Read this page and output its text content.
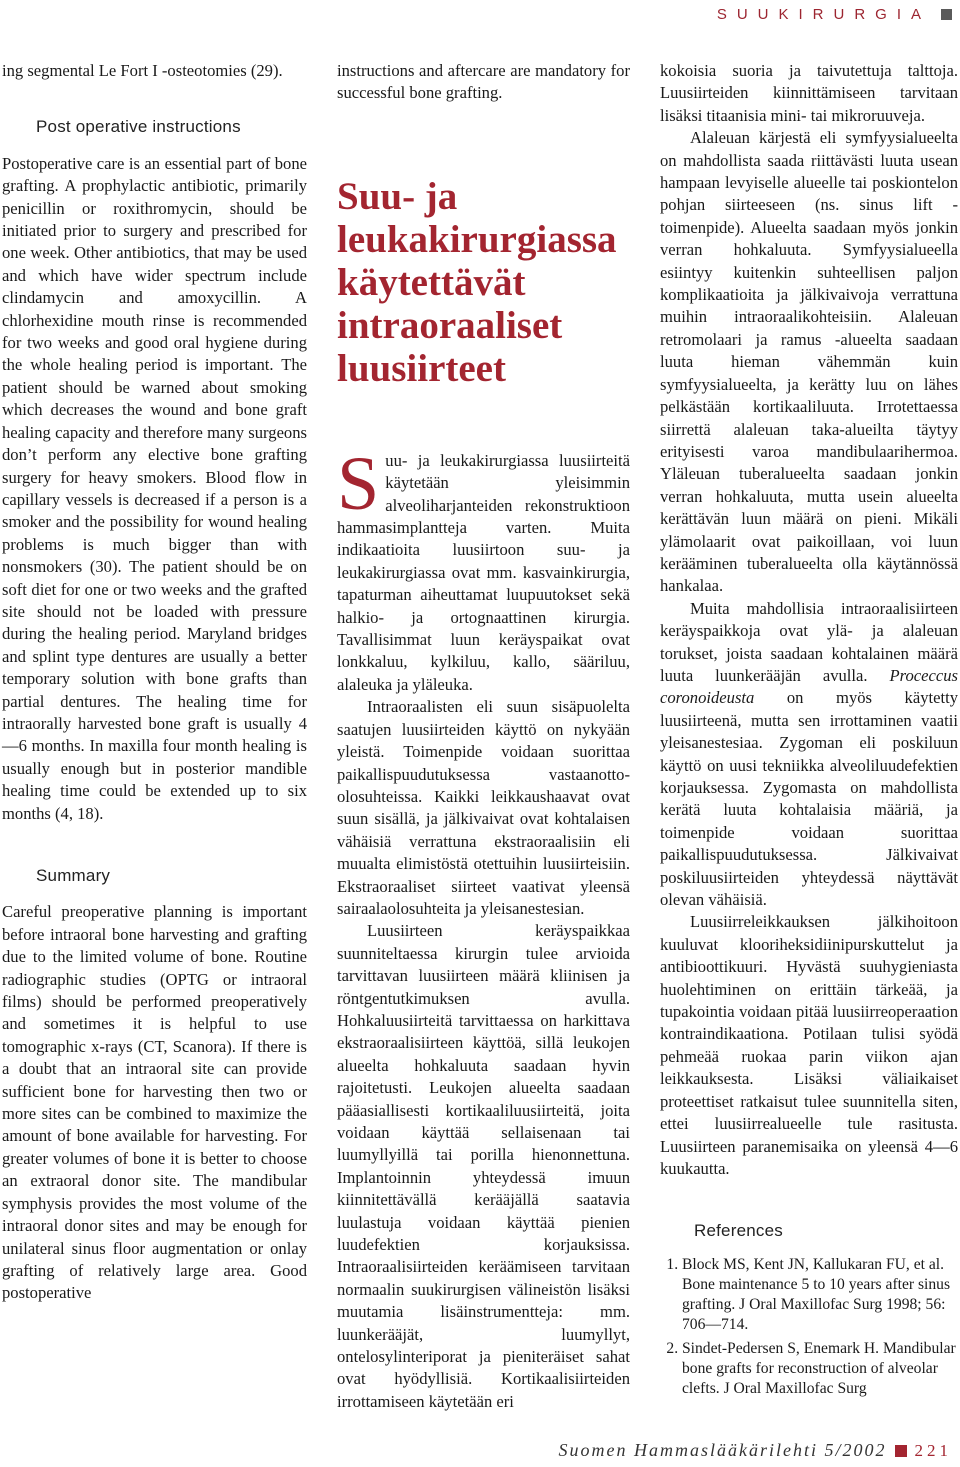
SUUKIRURGIA

ing segmental Le Fort I -osteotomies (29).

Post operative instructions

Postoperative care is an essential part of bone grafting. A prophylactic antibiotic, primarily penicillin or roxithromycin, should be initiated prior to surgery and prescribed for one week. Other antibiotics, that may be used and which have wider spectrum include clindamycin and amoxycillin. A chlorhexidine mouth rinse is recommended for two weeks and good oral hygiene during the whole healing period is important. The patient should be warned about smoking which decreases the wound and bone graft healing capacity and therefore many surgeons don’t perform any elective bone grafting surgery for heavy smokers. Blood flow in capillary vessels is decreased if a person is a smoker and the possibility for wound healing problems is much bigger than with nonsmokers (30). The patient should be on soft diet for one or two weeks and the grafted site should not be loaded with pressure during the healing period. Maryland bridges and splint type dentures are usually a better temporary solution with bone grafts than partial dentures. The healing time for intraorally harvested bone graft is usually 4—6 months. In maxilla four month healing is usually enough but in posterior mandible healing time could be extended up to six months (4, 18).

Summary

Careful preoperative planning is important before intraoral bone harvesting and grafting due to the limited volume of bone. Routine radiographic studies (OPTG or intraoral films) should be performed preoperatively and sometimes it is helpful to use tomographic x-rays (CT, Scanora). If there is a doubt that an intraoral site can provide sufficient bone for harvesting then two or more sites can be combined to maximize the amount of bone available for harvesting. For greater volumes of bone it is better to choose an extraoral donor site. The mandibular symphysis provides the most volume of the intraoral donor sites and may be enough for unilateral sinus floor augmentation or onlay grafting of relatively large area. Good postoperative

instructions and aftercare are mandatory for successful bone grafting.

Suu- ja
leukakirurgiassa
käytettävät
intraoraaliset
luusiirteet

Suu- ja leukakirurgiassa luusiirteitä käytetään yleisimmin alveoliharjanteiden rekonstruktioon hammasimplantteja varten. Muita indikaatioita luusiirtoon suu- ja leukakirurgiassa ovat mm. kasvainkirurgia, tapaturman aiheuttamat luupuutokset sekä halkio- ja ortognaattinen kirurgia. Tavallisimmat luun keräyspaikat ovat lonkkaluu, kylkiluu, kallo, sääriluu, alaleuka ja yläleuka.

Intraoraalisten eli suun sisäpuolelta saatujen luusiirteiden käyttö on nykyään yleistä. Toimenpide voidaan suorittaa paikallispuudutuksessa vastaanotto-olosuhteissa. Kaikki leikkaushaavat ovat suun sisällä, ja jälkivaivat ovat kohtalaisen vähäisiä verrattuna ekstraoraalisiin eli muualta elimistöstä otettuihin luusiirteisiin. Ekstraoraaliset siirteet vaativat yleensä sairaalaolosuhteita ja yleisanestesian.

Luusiirteen keräyspaikkaa suunniteltaessa kirurgin tulee arvioida tarvittavan luusiirteen määrä kliinisen ja röntgentutkimuksen avulla. Hohkaluusiirteitä tarvittaessa on harkittava ekstraoraalisiirteen käyttöä, sillä leukojen alueelta hohkaluuta saadaan hyvin rajoitetusti. Leukojen alueelta saadaan pääasiallisesti kortikaaliluusiirteitä, joita voidaan käyttää sellaisenaan tai luumyllyillä tai porilla hienonnettuna. Implantoinnin yhteydessä imuun kiinnitettävällä kerääjällä saatavia luulastuja voidaan käyttää pienien luudefektien korjauksissa. Intraoraalisiirteiden keräämiseen tarvitaan normaalin suukirurgisen välineistön lisäksi muutamia lisäinstrumentteja: mm. luunkerääjät, luumyllyt, ontelosylinteriporat ja pieniteräiset sahat ovat hyödyllisiä. Kortikaalisiirteiden irrottamiseen käytetään eri

kokoisia suoria ja taivutettuja talttoja. Luusiirteiden kiinnittämiseen tarvitaan lisäksi titaanisia mini- tai mikroruuveja.

Alaleuan kärjestä eli symfyysialueelta on mahdollista saada riittävästi luuta usean hampaan levyiselle alueelle tai poskiontelon pohjan siirteeseen (ns. sinus lift -toimenpide). Alueelta saadaan myös jonkin verran hohkaluuta. Symfyysialueella esiintyy kuitenkin suhteellisen paljon komplikaatioita ja jälkivaivoja verrattuna muihin intraoraalikohteisiin. Alaleuan retromolaari ja ramus -alueelta saadaan luuta hieman vähemmän kuin symfyysialueelta, ja kerätty luu on lähes pelkästään kortikaaliluuta. Irrotettaessa siirrettä alaleuan taka-alueilta täytyy erityisesti varoa mandibulaarihermoa. Yläleuan tuberalueelta saadaan jonkin verran hohkaluuta, mutta usein alueelta kerättävän luun määrä on pieni. Mikäli ylämolaarit ovat paikoillaan, voi luun kerääminen tuberalueelta olla käytännössä hankalaa.

Muita mahdollisia intraoraalisiirteen keräyspaikkoja ovat ylä- ja alaleuan torukset, joista saadaan kohtalainen määrä luuta luunkerääjän avulla. Proceccus coronoideusta on myös käytetty luusiirteenä, mutta sen irrottaminen vaatii yleisanestesiaa. Zygoman eli poskiluun käyttö on uusi tekniikka alveoliluudefektien korjauksessa. Zygomasta on mahdollista kerätä luuta kohtalaisia määriä, ja toimenpide voidaan suorittaa paikallispuudutuksessa. Jälkivaivat poskiluusiirteiden yhteydessä näyttävät olevan vähäisiä.

Luusiirreleikkauksen jälkihoitoon kuuluvat klooriheksidiinipurskuttelut ja antibioottikuuri. Hyvästä suuhygieniasta huolehtiminen on erittäin tärkeää, ja tupakointia voidaan pitää luusiirreoperaation kontraindikaationa. Potilaan tulisi syödä pehmeää ruokaa parin viikon ajan leikkauksesta. Lisäksi väliaikaiset proteettiset ratkaisut tulee suunnitella siten, ettei luusiirrealueelle tule rasitusta. Luusiirteen paranemisaika on yleensä 4—6 kuukautta.

References
1. Block MS, Kent JN, Kallukaran FU, et al. Bone maintenance 5 to 10 years after sinus grafting. J Oral Maxillofac Surg 1998; 56: 706—714.
2. Sindet-Pedersen S, Enemark H. Mandibular bone grafts for reconstruction of alveolar clefts. J Oral Maxillofac Surg
Suomen Hammaslääkärilehti 5/2002 221
